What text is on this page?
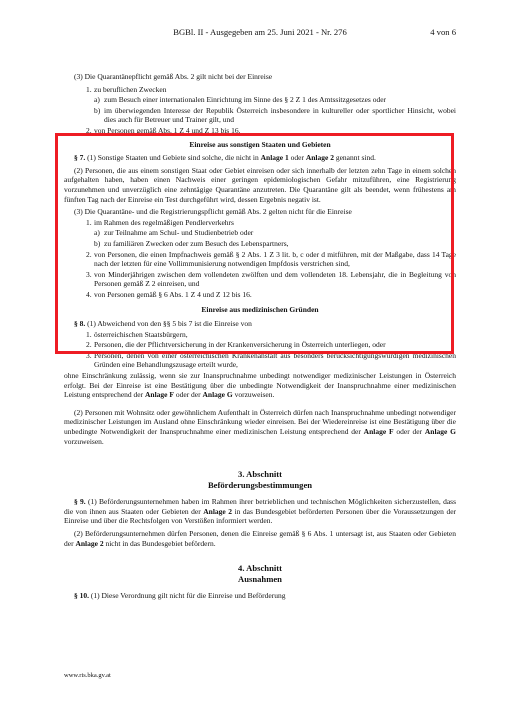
BGBl. II - Ausgegeben am 25. Juni 2021 - Nr. 276	4 von 6

(3) Die Quarantänepflicht gemäß Abs. 2 gilt nicht bei der Einreise

1. zu beruflichen Zwecken
a) zum Besuch einer internationalen Einrichtung im Sinne des § 2 Z 1 des Amtssitzgesetzes oder
b) im überwiegenden Interesse der Republik Österreich insbesondere in kultureller oder sportlicher Hinsicht, wobei dies auch für Betreuer und Trainer gilt, und
2. von Personen gemäß Abs. 1 Z 4 und Z 13 bis 16.
Einreise aus sonstigen Staaten und Gebieten

§ 7. (1) Sonstige Staaten und Gebiete sind solche, die nicht in Anlage 1 oder Anlage 2 genannt sind.

(2) Personen, die aus einem sonstigen Staat oder Gebiet einreisen oder sich innerhalb der letzten zehn Tage in einem solchen aufgehalten haben, haben einen Nachweis einer geringen epidemiologischen Gefahr mitzuführen, eine Registrierung vorzunehmen und unverzüglich eine zehntägige Quarantäne anzutreten. Die Quarantäne gilt als beendet, wenn frühestens am fünften Tag nach der Einreise ein Test durchgeführt wird, dessen Ergebnis negativ ist.

(3) Die Quarantäne- und die Registrierungspflicht gemäß Abs. 2 gelten nicht für die Einreise

1. im Rahmen des regelmäßigen Pendlerverkehrs
a) zur Teilnahme am Schul- und Studienbetrieb oder
b) zu familiären Zwecken oder zum Besuch des Lebenspartners,
2. von Personen, die einen Impfnachweis gemäß § 2 Abs. 1 Z 3 lit. b, c oder d mitführen, mit der Maßgabe, dass 14 Tage nach der letzten für eine Vollimmunisierung notwendigen Impfdosis verstrichen sind,
3. von Minderjährigen zwischen dem vollendeten zwölften und dem vollendeten 18. Lebensjahr, die in Begleitung von Personen gemäß Z 2 einreisen, und
4. von Personen gemäß § 6 Abs. 1 Z 4 und Z 12 bis 16.
Einreise aus medizinischen Gründen

§ 8. (1) Abweichend von den §§ 5 bis 7 ist die Einreise von

1. österreichischen Staatsbürgern,
2. Personen, die der Pflichtversicherung in der Krankenversicherung in Österreich unterliegen, oder
3. Personen, denen von einer österreichischen Krankenanstalt aus besonders berücksichtigungswürdigen medizinischen Gründen eine Behandlungszusage erteilt wurde,

ohne Einschränkung zulässig, wenn sie zur Inanspruchnahme unbedingt notwendiger medizinischer Leistungen in Österreich erfolgt. Bei der Einreise ist eine Bestätigung über die unbedingte Notwendigkeit der Inanspruchnahme einer medizinischen Leistung entsprechend der Anlage F oder der Anlage G vorzuweisen.

(2) Personen mit Wohnsitz oder gewöhnlichem Aufenthalt in Österreich dürfen nach Inanspruchnahme unbedingt notwendiger medizinischer Leistungen im Ausland ohne Einschränkung wieder einreisen. Bei der Wiedereinreise ist eine Bestätigung über die unbedingte Notwendigkeit der Inanspruchnahme einer medizinischen Leistung entsprechend der Anlage F oder der Anlage G vorzuweisen.

3. Abschnitt
Beförderungsbestimmungen

§ 9. (1) Beförderungsunternehmen haben im Rahmen ihrer betrieblichen und technischen Möglichkeiten sicherzustellen, dass die von ihnen aus Staaten oder Gebieten der Anlage 2 in das Bundesgebiet beförderten Personen über die Voraussetzungen der Einreise und über die Rechtsfolgen von Verstößen informiert werden.

(2) Beförderungsunternehmen dürfen Personen, denen die Einreise gemäß § 6 Abs. 1 untersagt ist, aus Staaten oder Gebieten der Anlage 2 nicht in das Bundesgebiet befördern.

4. Abschnitt
Ausnahmen

§ 10. (1) Diese Verordnung gilt nicht für die Einreise und Beförderung

www.ris.bka.gv.at
